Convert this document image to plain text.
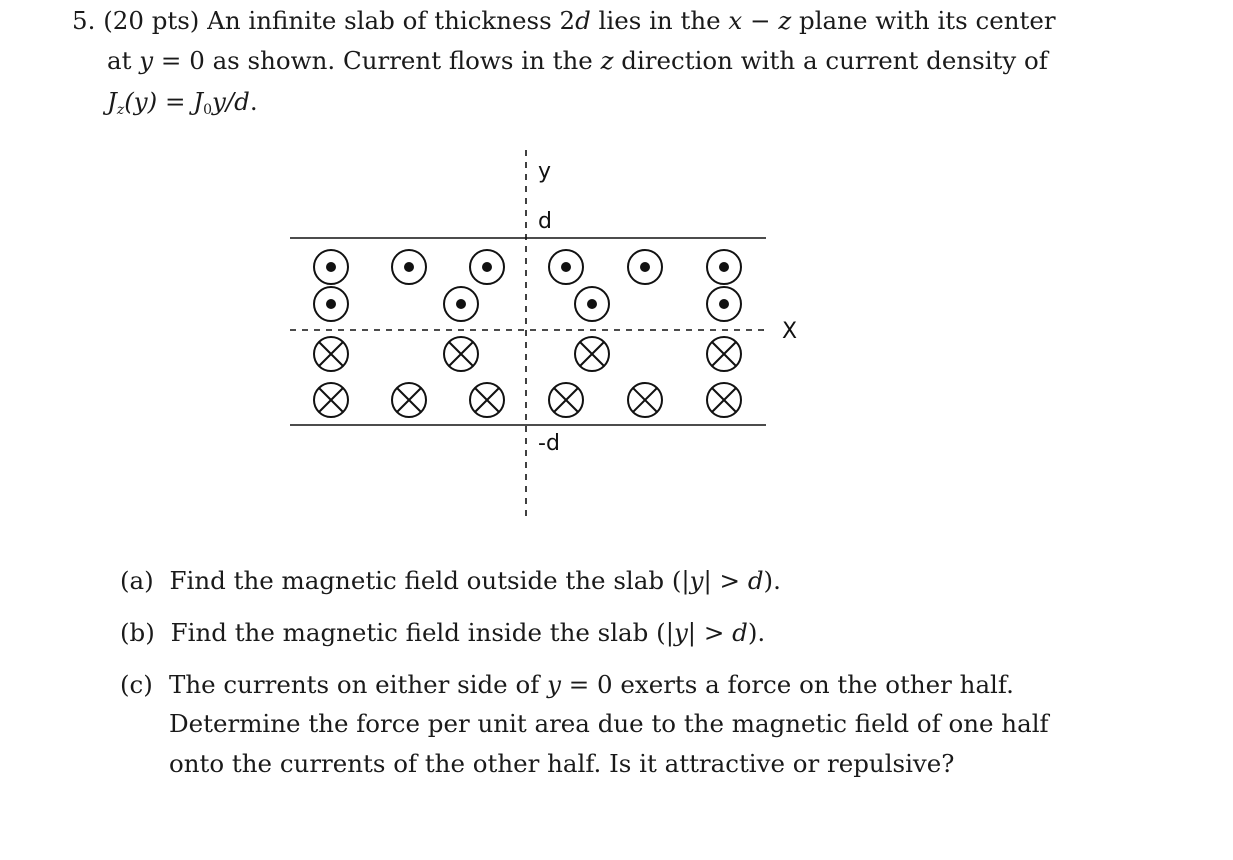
5. (20 pts) An infinite slab of thickness 2d lies in the x − z plane with its center
at y = 0 as shown. Current flows in the z direction with a current density of
$J_z(y) = J_0y/d$.
y
d
X
-d
(a) Find the magnetic field outside the slab (|y| > d).
(b) Find the magnetic field inside the slab (|y| > d).
(c) The currents on either side of y = 0 exerts a force on the other half.
Determine the force per unit area due to the magnetic field of one half
onto the currents of the other half. Is it attractive or repulsive?
